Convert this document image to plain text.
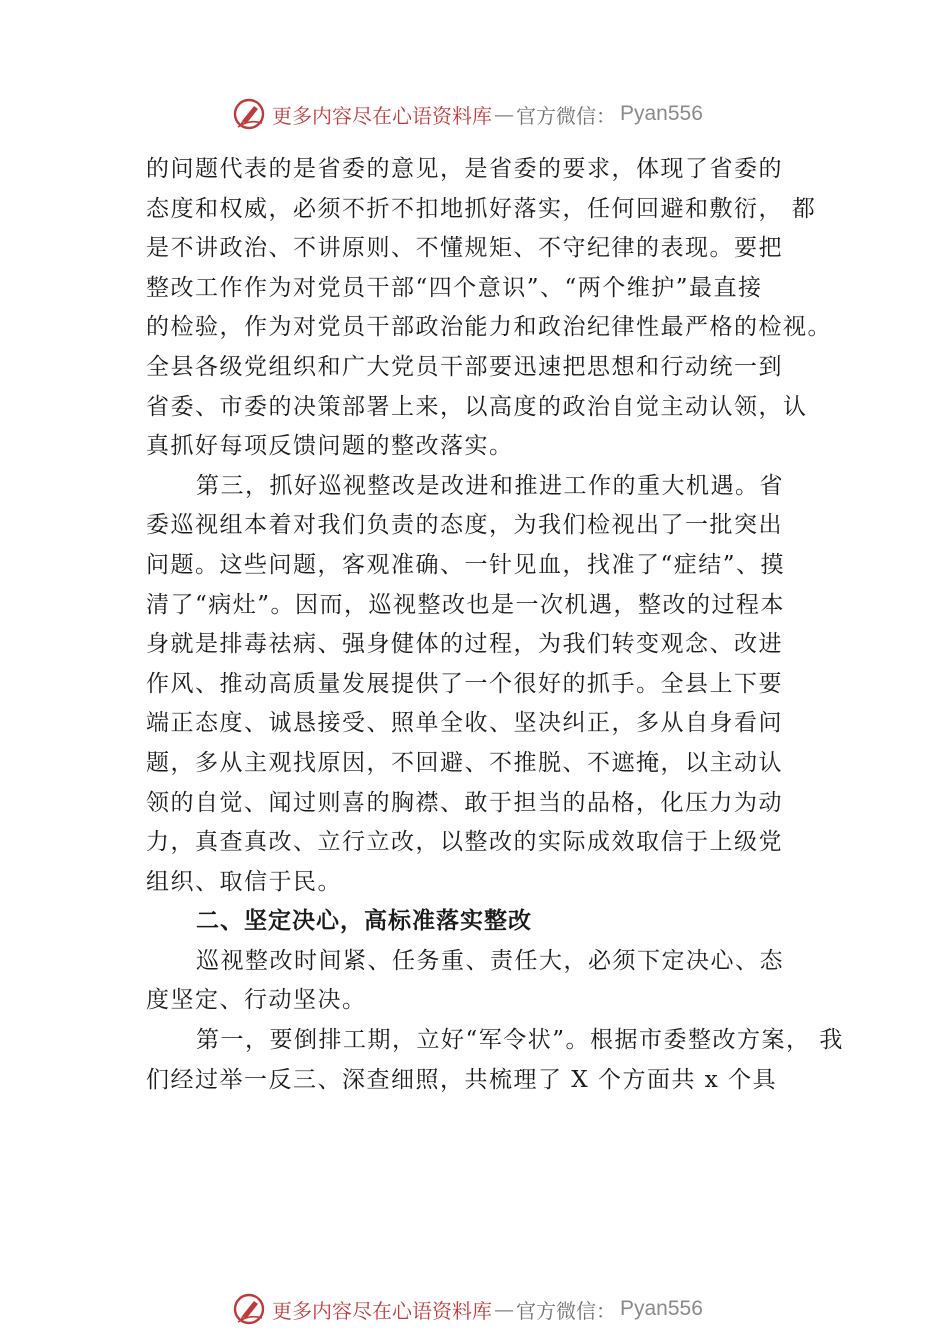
更多内容尽在心语资料库 — 官方微信： Pyan556
的问题代表的是省委的意见，是省委的要求，体现了省委的
态度和权威，必须不折不扣地抓好落实，任何回避和敷衍， 都
是不讲政治、不讲原则、不懂规矩、不守纪律的表现。要把
整改工作作为对党员干部“四个意识”、“两个维护”最直接
的检验，作为对党员干部政治能力和政治纪律性最严格的检视。
全县各级党组织和广大党员干部要迅速把思想和行动统一到
省委、市委的决策部署上来，以高度的政治自觉主动认领，认
真抓好每项反馈问题的整改落实。
第三，抓好巡视整改是改进和推进工作的重大机遇。省
委巡视组本着对我们负责的态度，为我们检视出了一批突出
问题。这些问题，客观准确、一针见血，找准了“症结”、摸
清了“病灶”。因而，巡视整改也是一次机遇，整改的过程本
身就是排毒祛病、强身健体的过程，为我们转变观念、改进
作风、推动高质量发展提供了一个很好的抓手。全县上下要
端正态度、诚恳接受、照单全收、坚决纠正，多从自身看问
题，多从主观找原因，不回避、不推脱、不遮掩，以主动认
领的自觉、闻过则喜的胸襟、敢于担当的品格，化压力为动
力，真查真改、立行立改，以整改的实际成效取信于上级党
组织、取信于民。
二、坚定决心，高标准落实整改
巡视整改时间紧、任务重、责任大，必须下定决心、态
度坚定、行动坚决。
第一，要倒排工期，立好“军令状”。根据市委整改方案， 我
们经过举一反三、深查细照，共梳理了 X 个方面共 x 个具
更多内容尽在心语资料库 — 官方微信： Pyan556
